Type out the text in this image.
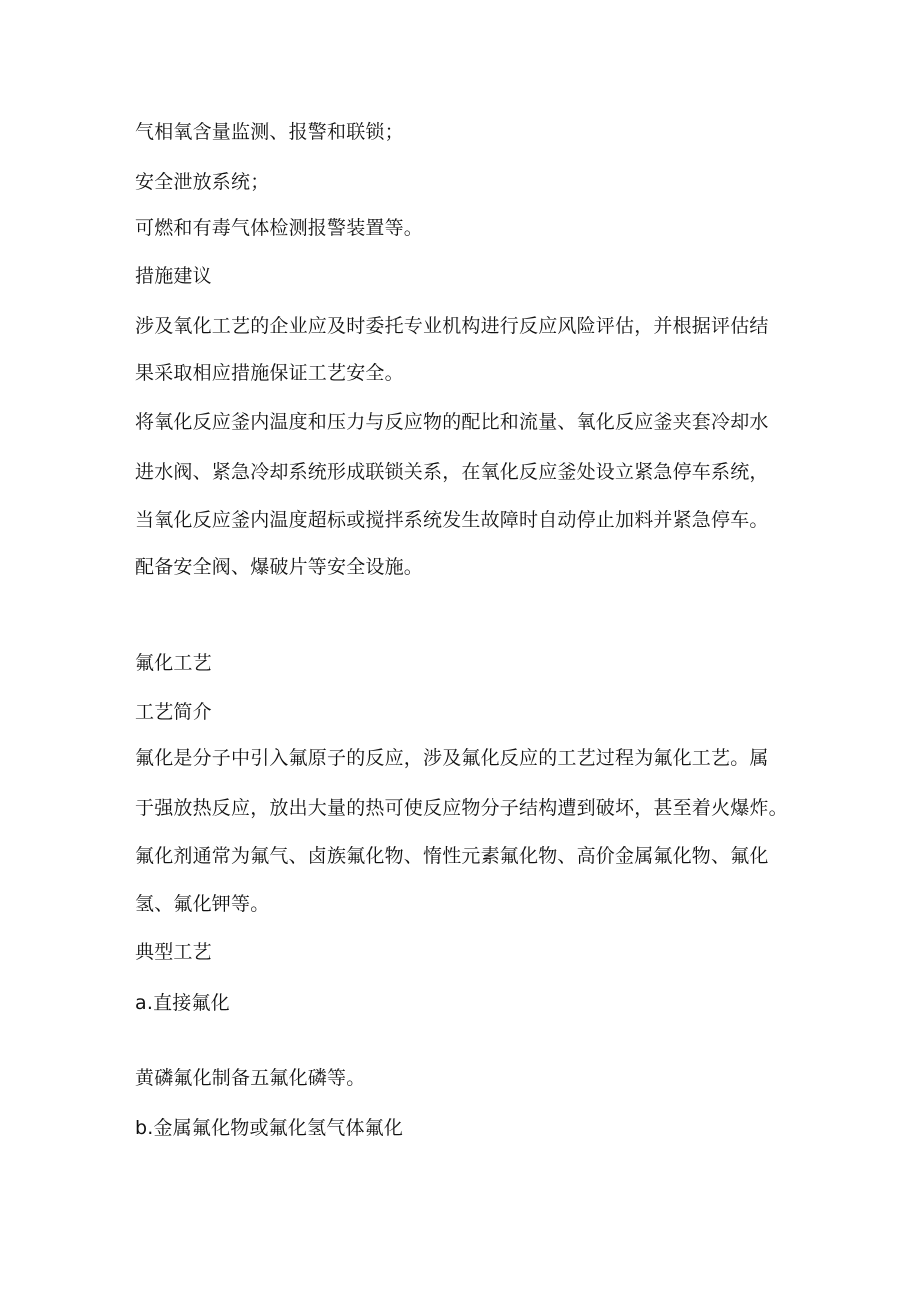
气相氧含量监测、报警和联锁；
安全泄放系统；
可燃和有毒气体检测报警装置等。
措施建议
涉及氧化工艺的企业应及时委托专业机构进行反应风险评估，并根据评估结
果采取相应措施保证工艺安全。
将氧化反应釜内温度和压力与反应物的配比和流量、氧化反应釜夹套冷却水
进水阀、紧急冷却系统形成联锁关系，在氧化反应釜处设立紧急停车系统，
当氧化反应釜内温度超标或搅拌系统发生故障时自动停止加料并紧急停车。
配备安全阀、爆破片等安全设施。
氟化工艺
工艺简介
氟化是分子中引入氟原子的反应，涉及氟化反应的工艺过程为氟化工艺。属
于强放热反应，放出大量的热可使反应物分子结构遭到破坏，甚至着火爆炸。
氟化剂通常为氟气、卤族氟化物、惰性元素氟化物、高价金属氟化物、氟化
氢、氟化钾等。
典型工艺
a.直接氟化
黄磷氟化制备五氟化磷等。
b.金属氟化物或氟化氢气体氟化
